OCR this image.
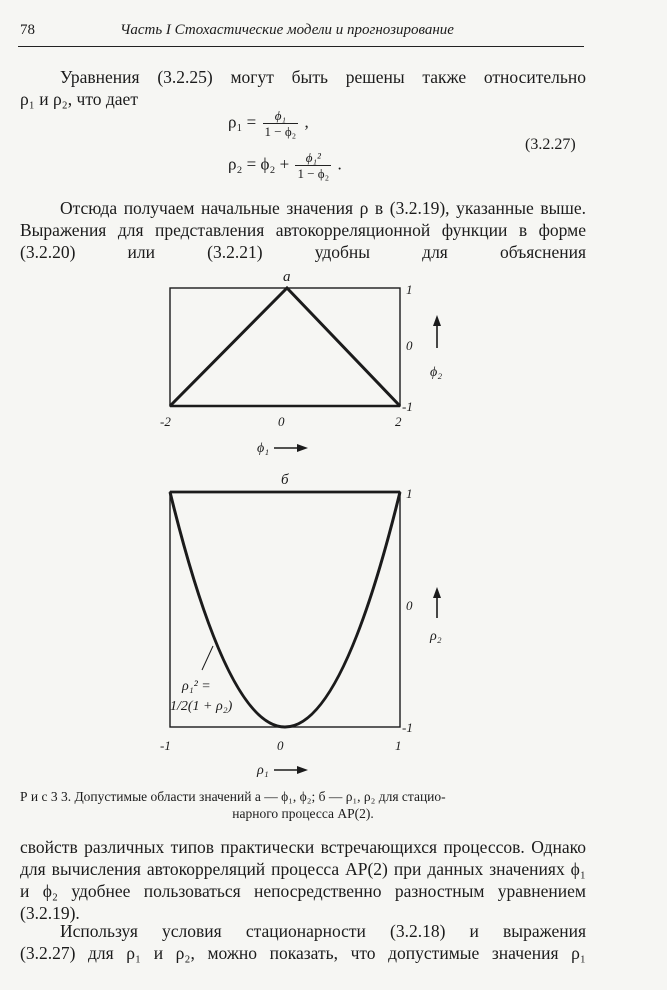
78	Часть I Стохастические модели и прогнозирование
Уравнения (3.2.25) могут быть решены также относительно
ρ₁ и ρ₂, что дает
$\rho_1 = \frac{\text{ϕ₁}}{\text{1 − ϕ₂}}$ ,
$\rho_2 = \phi_2 + \frac{\text{ϕ₁²}}{\text{1 − ϕ₂}}$ .
(3.2.27)
Отсюда получаем начальные значения ρ в (3.2.19), указанные выше. Выражения для представления автокорреляционной функции в форме (3.2.20) или (3.2.21) удобны для объяснения
а
-2	0	2
1
0
-1
ϕ₂
ϕ₁
ρ₁² =
1/2(1 + ρ₂)
б
-1	0	1
1
0
-1
ρ₂
ρ₁
Р и с 3 3. Допустимые области значений а — ϕ₁, ϕ₂; б — ρ₁, ρ₂ для стацио-
нарного процесса АР(2).
свойств различных типов практически встречающихся процессов. Однако для вычисления автокорреляций процесса АР(2) при данных значениях ϕ₁ и ϕ₂ удобнее пользоваться непосредственно разностным уравнением (3.2.19).
Используя условия стационарности (3.2.18) и выражения
(3.2.27) для ρ₁ и ρ₂, можно показать, что допустимые значения ρ₁
